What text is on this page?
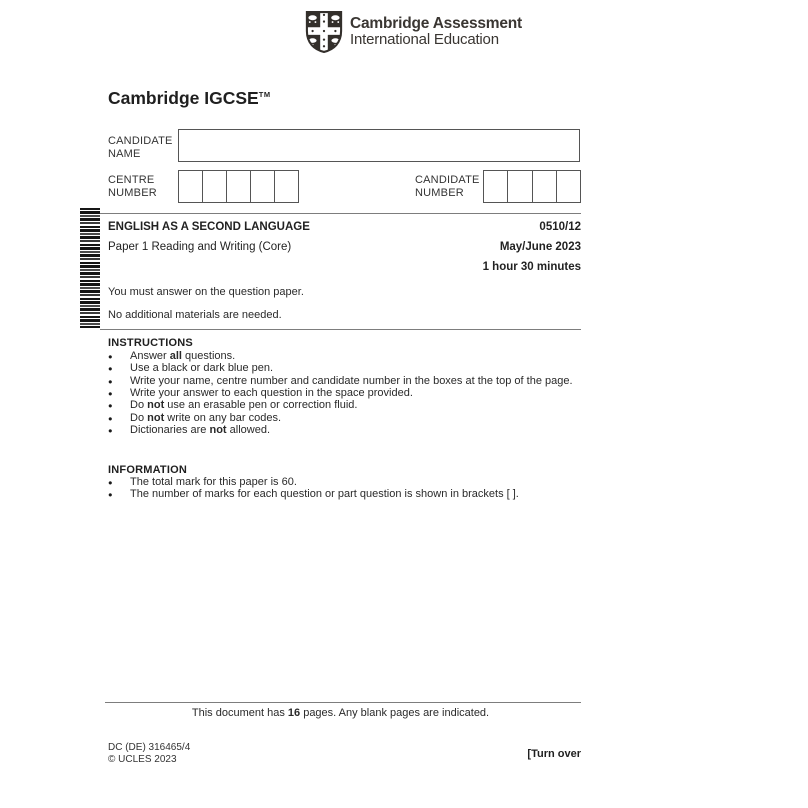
Cambridge Assessment
International Education
Cambridge IGCSE™
CANDIDATE NAME
CENTRE NUMBER
CANDIDATE NUMBER
ENGLISH AS A SECOND LANGUAGE	0510/12
Paper 1 Reading and Writing (Core)	May/June 2023
1 hour 30 minutes
You must answer on the question paper.
No additional materials are needed.
INSTRUCTIONS
●	Answer all questions.
●	Use a black or dark blue pen.
●	Write your name, centre number and candidate number in the boxes at the top of the page.
●	Write your answer to each question in the space provided.
●	Do not use an erasable pen or correction fluid.
●	Do not write on any bar codes.
●	Dictionaries are not allowed.
INFORMATION
●	The total mark for this paper is 60.
●	The number of marks for each question or part question is shown in brackets [ ].
This document has 16 pages. Any blank pages are indicated.
DC (DE) 316465/4
© UCLES 2023	[Turn over
